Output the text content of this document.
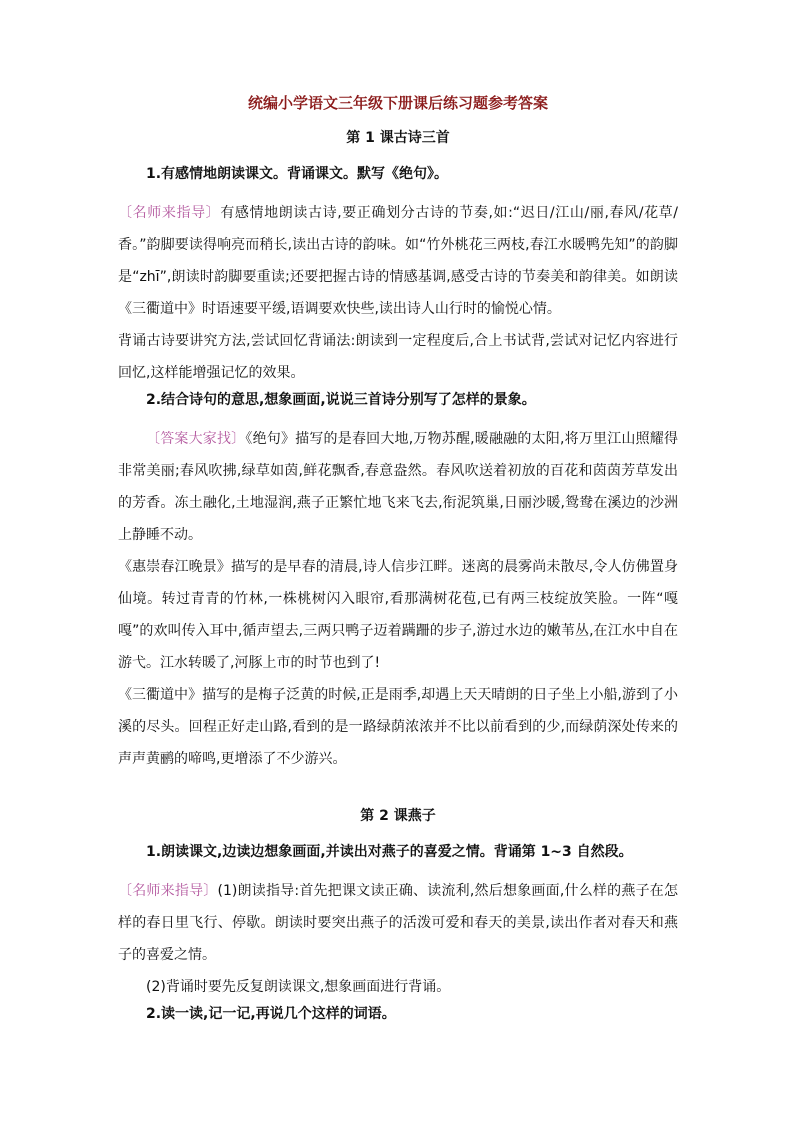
统编小学语文三年级下册课后练习题参考答案
第 1 课古诗三首
1.有感情地朗读课文。背诵课文。默写《绝句》。

〔名师来指导〕有感情地朗读古诗,要正确划分古诗的节奏,如:“迟日/江山/丽,春风/花草/香。”韵脚要读得响亮而稍长,读出古诗的韵味。如“竹外桃花三两枝,春江水暖鸭先知”的韵脚是“zhī”,朗读时韵脚要重读;还要把握古诗的情感基调,感受古诗的节奏美和韵律美。如朗读《三衢道中》时语速要平缓,语调要欢快些,读出诗人山行时的愉悦心情。

背诵古诗要讲究方法,尝试回忆背诵法:朗读到一定程度后,合上书试背,尝试对记忆内容进行回忆,这样能增强记忆的效果。

2.结合诗句的意思,想象画面,说说三首诗分别写了怎样的景象。

〔答案大家找〕《绝句》描写的是春回大地,万物苏醒,暖融融的太阳,将万里江山照耀得非常美丽;春风吹拂,绿草如茵,鲜花飘香,春意盎然。春风吹送着初放的百花和茵茵芳草发出的芳香。冻土融化,土地湿润,燕子正繁忙地飞来飞去,衔泥筑巢,日丽沙暖,鸳鸯在溪边的沙洲上静睡不动。

《惠崇春江晚景》描写的是早春的清晨,诗人信步江畔。迷离的晨雾尚未散尽,令人仿佛置身仙境。转过青青的竹林,一株桃树闪入眼帘,看那满树花苞,已有两三枝绽放笑脸。一阵“嘎嘎”的欢叫传入耳中,循声望去,三两只鸭子迈着蹒跚的步子,游过水边的嫩苇丛,在江水中自在游弋。江水转暖了,河豚上市的时节也到了!

《三衢道中》描写的是梅子泛黄的时候,正是雨季,却遇上天天晴朗的日子坐上小船,游到了小溪的尽头。回程正好走山路,看到的是一路绿荫浓浓并不比以前看到的少,而绿荫深处传来的声声黄鹂的啼鸣,更增添了不少游兴。

第 2 课燕子
1.朗读课文,边读边想象画面,并读出对燕子的喜爱之情。背诵第 1~3 自然段。

〔名师来指导〕(1)朗读指导:首先把课文读正确、读流利,然后想象画面,什么样的燕子在怎样的春日里飞行、停歇。朗读时要突出燕子的活泼可爱和春天的美景,读出作者对春天和燕子的喜爱之情。

(2)背诵时要先反复朗读课文,想象画面进行背诵。

2.读一读,记一记,再说几个这样的词语。
